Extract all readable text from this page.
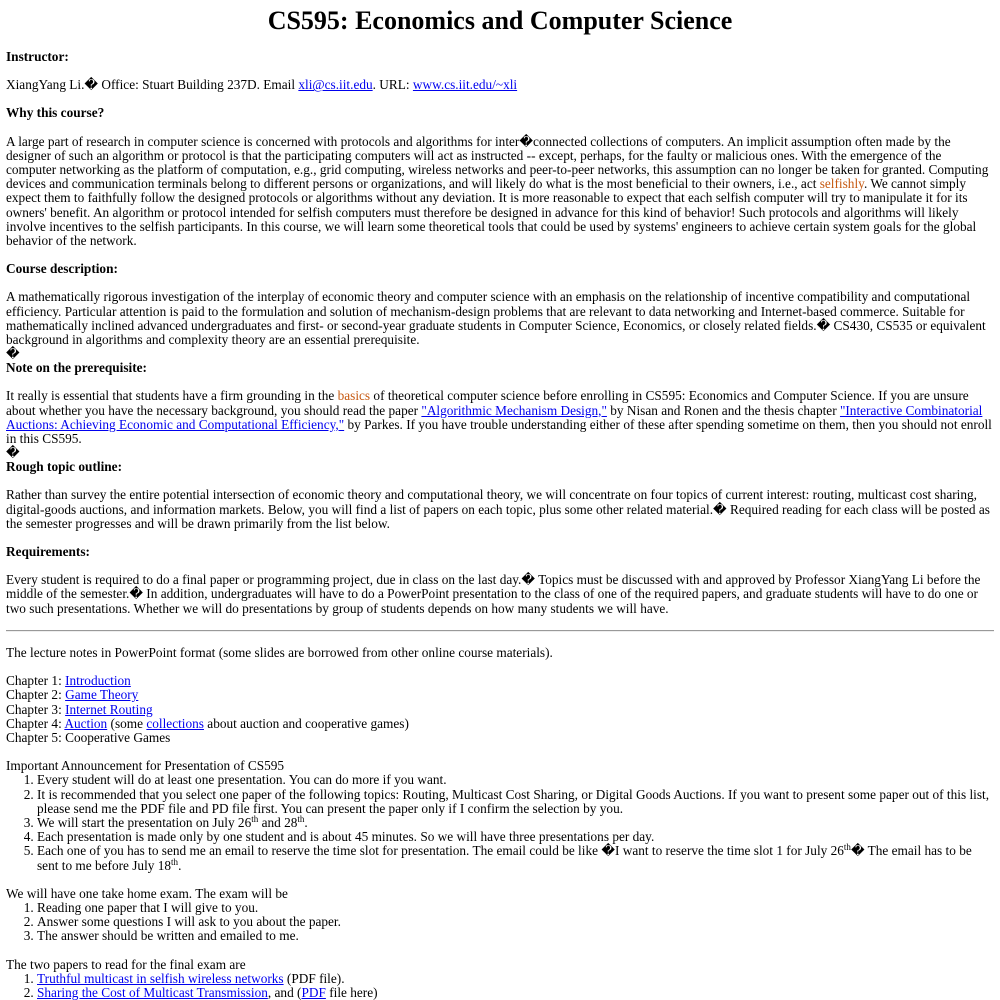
CS595: Economics and Computer Science

Instructor:

XiangYang Li.� Office: Stuart Building 237D. Email xli@cs.iit.edu. URL: www.cs.iit.edu/~xli

Why this course?

A large part of research in computer science is concerned with protocols and algorithms for inter�connected collections of computers. An implicit assumption often made by the designer of such an algorithm or protocol is that the participating computers will act as instructed -- except, perhaps, for the faulty or malicious ones. With the emergence of the computer networking as the platform of computation, e.g., grid computing, wireless networks and peer-to-peer networks, this assumption can no longer be taken for granted. Computing devices and communication terminals belong to different persons or organizations, and will likely do what is the most beneficial to their owners, i.e., act selfishly. We cannot simply expect them to faithfully follow the designed protocols or algorithms without any deviation. It is more reasonable to expect that each selfish computer will try to manipulate it for its owners' benefit. An algorithm or protocol intended for selfish computers must therefore be designed in advance for this kind of behavior! Such protocols and algorithms will likely involve incentives to the selfish participants. In this course, we will learn some theoretical tools that could be used by systems' engineers to achieve certain system goals for the global behavior of the network.

Course description:

A mathematically rigorous investigation of the interplay of economic theory and computer science with an emphasis on the relationship of incentive compatibility and computational efficiency. Particular attention is paid to the formulation and solution of mechanism-design problems that are relevant to data networking and Internet-based commerce. Suitable for mathematically inclined advanced undergraduates and first- or second-year graduate students in Computer Science, Economics, or closely related fields.� CS430, CS535 or equivalent background in algorithms and complexity theory are an essential prerequisite.

�

Note on the prerequisite:

It really is essential that students have a firm grounding in the basics of theoretical computer science before enrolling in CS595: Economics and Computer Science. If you are unsure about whether you have the necessary background, you should read the paper "Algorithmic Mechanism Design," by Nisan and Ronen and the thesis chapter "Interactive Combinatorial Auctions: Achieving Economic and Computational Efficiency," by Parkes. If you have trouble understanding either of these after spending sometime on them, then you should not enroll in this CS595.

�

Rough topic outline:

Rather than survey the entire potential intersection of economic theory and computational theory, we will concentrate on four topics of current interest: routing, multicast cost sharing, digital-goods auctions, and information markets. Below, you will find a list of papers on each topic, plus some other related material.� Required reading for each class will be posted as the semester progresses and will be drawn primarily from the list below.

Requirements:

Every student is required to do a final paper or programming project, due in class on the last day.� Topics must be discussed with and approved by Professor XiangYang Li before the middle of the semester.� In addition, undergraduates will have to do a PowerPoint presentation to the class of one of the required papers, and graduate students will have to do one or two such presentations. Whether we will do presentations by group of students depends on how many students we will have.

The lecture notes in PowerPoint format (some slides are borrowed from other online course materials).

Chapter 1: Introduction

Chapter 2: Game Theory

Chapter 3: Internet Routing

Chapter 4: Auction (some collections about auction and cooperative games)

Chapter 5: Cooperative Games

Important Announcement for Presentation of CS595

1. Every student will do at least one presentation. You can do more if you want.
2. It is recommended that you select one paper of the following topics: Routing, Multicast Cost Sharing, or Digital Goods Auctions. If you want to present some paper out of this list, please send me the PDF file and PD file first. You can present the paper only if I confirm the selection by you.
3. We will start the presentation on July 26th and 28th.
4. Each presentation is made only by one student and is about 45 minutes. So we will have three presentations per day.
5. Each one of you has to send me an email to reserve the time slot for presentation. The email could be like �I want to reserve the time slot 1 for July 26th� The email has to be sent to me before July 18th.

We will have one take home exam. The exam will be

1. Reading one paper that I will give to you.
2. Answer some questions I will ask to you about the paper.
3. The answer should be written and emailed to me.

The two papers to read for the final exam are

1. Truthful multicast in selfish wireless networks (PDF file).
2. Sharing the Cost of Multicast Transmission, and (PDF file here)
